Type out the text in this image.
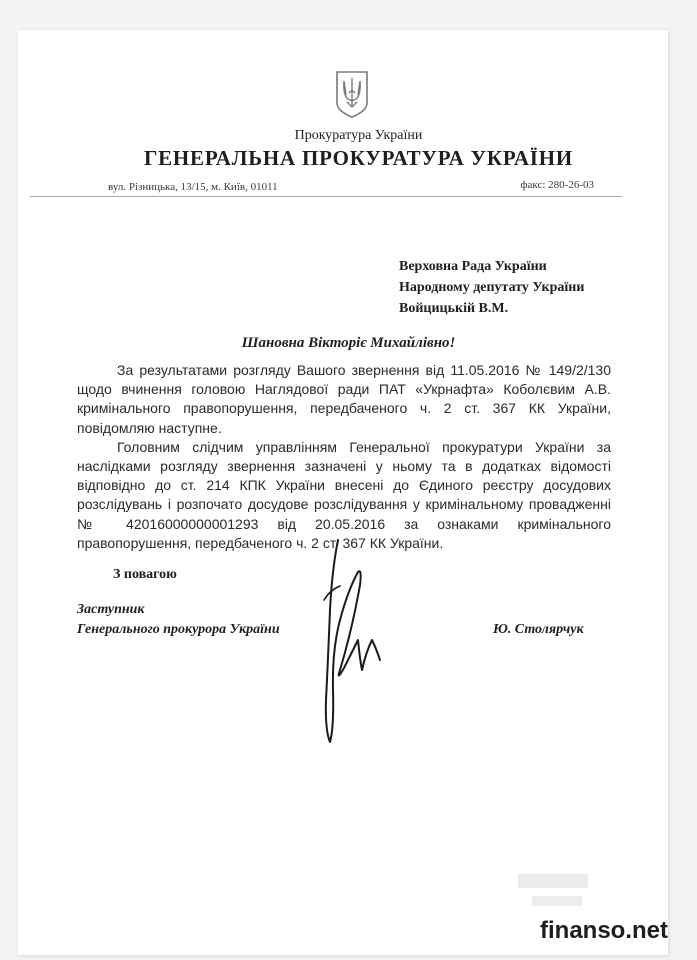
Прокуратура України
ГЕНЕРАЛЬНА ПРОКУРАТУРА УКРАЇНИ
вул. Різницька, 13/15, м. Київ, 01011	факс: 280-26-03
Верховна Рада України
Народному депутату України
Войцицькій В.М.
Шановна Вікторіє Михайлівно!

За результатами розгляду Вашого звернення від 11.05.2016 № 149/2/130 щодо вчинення головою Наглядової ради ПАТ «Укрнафта» Коболєвим А.В. кримінального правопорушення, передбаченого ч. 2 ст. 367 КК України, повідомляю наступне.

Головним слідчим управлінням Генеральної прокуратури України за наслідками розгляду звернення зазначені у ньому та в додатках відомості відповідно до ст. 214 КПК України внесені до Єдиного реєстру досудових розслідувань і розпочато досудове розслідування у кримінальному провадженні № 42016000000001293 від 20.05.2016 за ознаками кримінального правопорушення, передбаченого ч. 2 ст. 367 КК України.

З повагою
Заступник
Генерального прокурора України	Ю. Столярчук
finanso.net
